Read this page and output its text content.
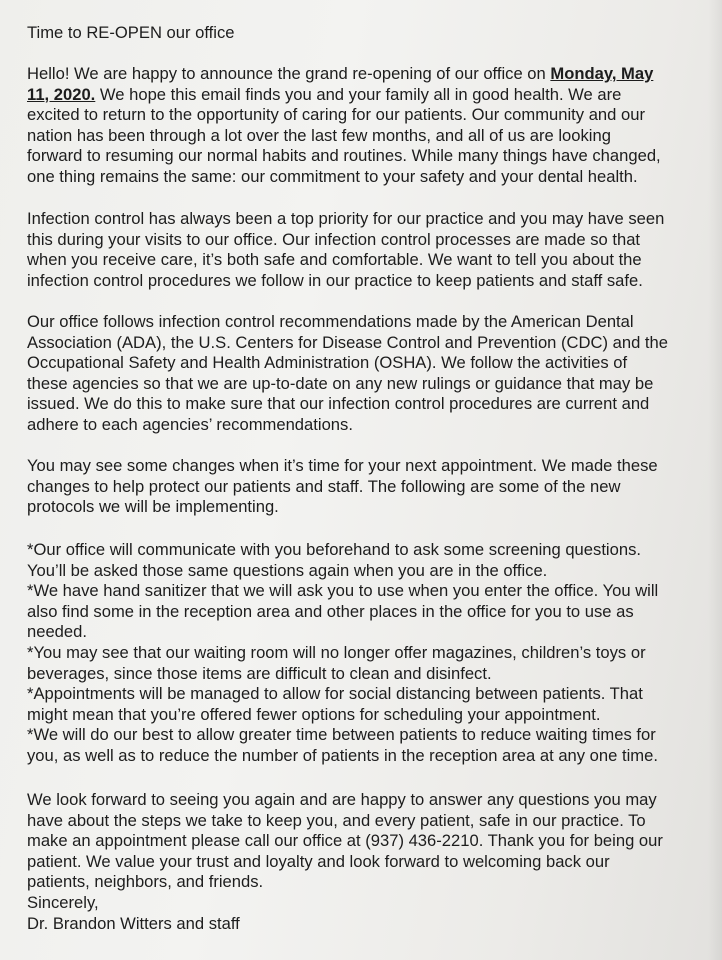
Time to RE-OPEN our office
Hello! We are happy to announce the grand re-opening of our office on Monday, May
11, 2020. We hope this email finds you and your family all in good health. We are
excited to return to the opportunity of caring for our patients. Our community and our
nation has been through a lot over the last few months, and all of us are looking
forward to resuming our normal habits and routines. While many things have changed,
one thing remains the same: our commitment to your safety and your dental health.
Infection control has always been a top priority for our practice and you may have seen
this during your visits to our office. Our infection control processes are made so that
when you receive care, it’s both safe and comfortable. We want to tell you about the
infection control procedures we follow in our practice to keep patients and staff safe.
Our office follows infection control recommendations made by the American Dental
Association (ADA), the U.S. Centers for Disease Control and Prevention (CDC) and the
Occupational Safety and Health Administration (OSHA). We follow the activities of
these agencies so that we are up-to-date on any new rulings or guidance that may be
issued. We do this to make sure that our infection control procedures are current and
adhere to each agencies’ recommendations.
You may see some changes when it’s time for your next appointment. We made these
changes to help protect our patients and staff. The following are some of the new
protocols we will be implementing.
*Our office will communicate with you beforehand to ask some screening questions.
You’ll be asked those same questions again when you are in the office.
*We have hand sanitizer that we will ask you to use when you enter the office. You will
also find some in the reception area and other places in the office for you to use as
needed.
*You may see that our waiting room will no longer offer magazines, children’s toys or
beverages, since those items are difficult to clean and disinfect.
*Appointments will be managed to allow for social distancing between patients. That
might mean that you’re offered fewer options for scheduling your appointment.
*We will do our best to allow greater time between patients to reduce waiting times for
you, as well as to reduce the number of patients in the reception area at any one time.
We look forward to seeing you again and are happy to answer any questions you may
have about the steps we take to keep you, and every patient, safe in our practice. To
make an appointment please call our office at (937) 436-2210. Thank you for being our
patient. We value your trust and loyalty and look forward to welcoming back our
patients, neighbors, and friends.
Sincerely,
Dr. Brandon Witters and staff
